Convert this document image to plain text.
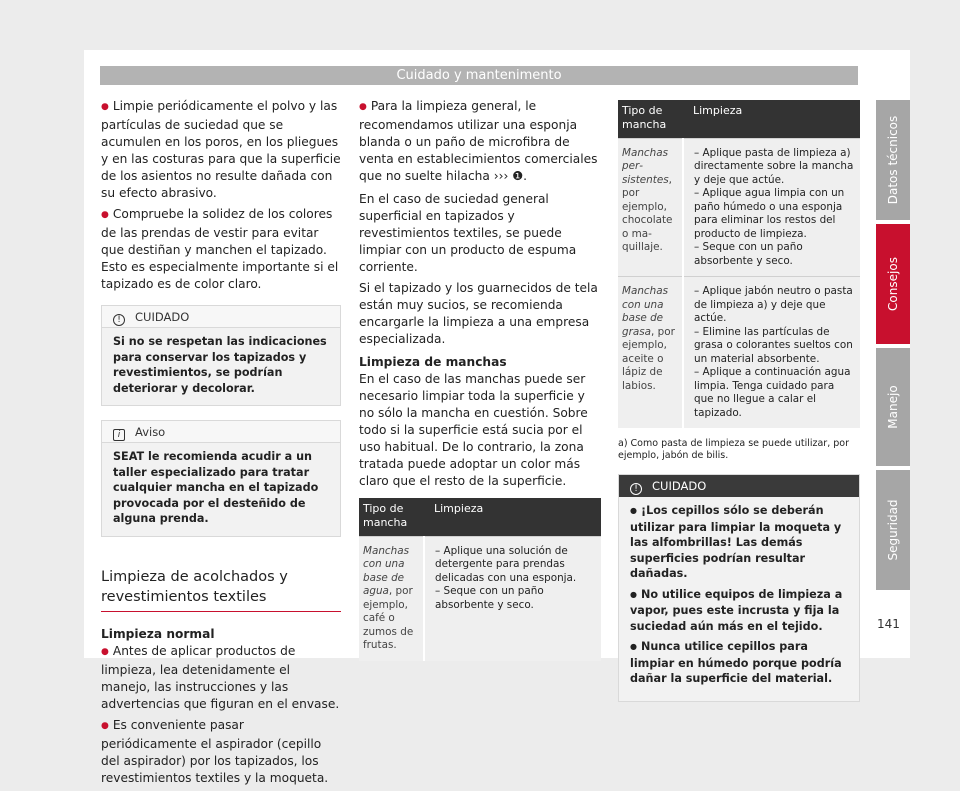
Cuidado y mantenimento

● Limpie periódicamente el polvo y las partículas de suciedad que se acumulen en los poros, en los pliegues y en las costuras para que la superficie de los asientos no resulte dañada con su efecto abrasivo.

● Compruebe la solidez de los colores de las prendas de vestir para evitar que destiñan y manchen el tapizado. Esto es especialmente importante si el tapizado es de color claro.

! CUIDADO
Si no se respetan las indicaciones para conservar los tapizados y revestimientos, se podrían deteriorar y decolorar.
i Aviso
SEAT le recomienda acudir a un taller especializado para tratar cualquier mancha en el tapizado provocada por el desteñido de alguna prenda.
Limpieza de acolchados y revestimientos textiles
Limpieza normal

● Antes de aplicar productos de limpieza, lea detenidamente el manejo, las instrucciones y las advertencias que figuran en el envase.

● Es conveniente pasar periódicamente el aspirador (cepillo del aspirador) por los tapizados, los revestimientos textiles y la moqueta.

● Para la limpieza general, le recomendamos utilizar una esponja blanda o un paño de microfibra de venta en establecimientos comerciales que no suelte hilacha ››› ❶.

En el caso de suciedad general superficial en tapizados y revestimientos textiles, se puede limpiar con un producto de espuma corriente.

Si el tapizado y los guarnecidos de tela están muy sucios, se recomienda encargarle la limpieza a una empresa especializada.

Limpieza de manchas

En el caso de las manchas puede ser necesario limpiar toda la superficie y no sólo la mancha en cuestión. Sobre todo si la superficie está sucia por el uso habitual. De lo contrario, la zona tratada puede adoptar un color más claro que el resto de la superficie.

Tipo de mancha	Limpieza
Manchas con una base de agua, por ejemplo, café o zumos de frutas.	– Aplique una solución de detergente para prendas delicadas con una esponja.
– Seque con un paño absorbente y seco.
Tipo de mancha	Limpieza
Manchas persistentes, por ejemplo, chocolate o maquillaje.	– Aplique pasta de limpieza a) directamente sobre la mancha y deje que actúe.
– Aplique agua limpia con un paño húmedo o una esponja para eliminar los restos del producto de limpieza.
– Seque con un paño absorbente y seco.
Manchas con una base de grasa, por ejemplo, aceite o lápiz de labios.	– Aplique jabón neutro o pasta de limpieza a) y deje que actúe.
– Elimine las partículas de grasa o colorantes sueltos con un material absorbente.
– Aplique a continuación agua limpia. Tenga cuidado para que no llegue a calar el tapizado.
a) Como pasta de limpieza se puede utilizar, por ejemplo, jabón de bilis.
! CUIDADO
● ¡Los cepillos sólo se deberán utilizar para limpiar la moqueta y las alfombrillas! Las demás superficies podrían resultar dañadas.
● No utilice equipos de limpieza a vapor, pues este incrusta y fija la suciedad aún más en el tejido.
● Nunca utilice cepillos para limpiar en húmedo porque podría dañar la superficie del material.
Datos técnicos
Consejos
Manejo
Seguridad
141
